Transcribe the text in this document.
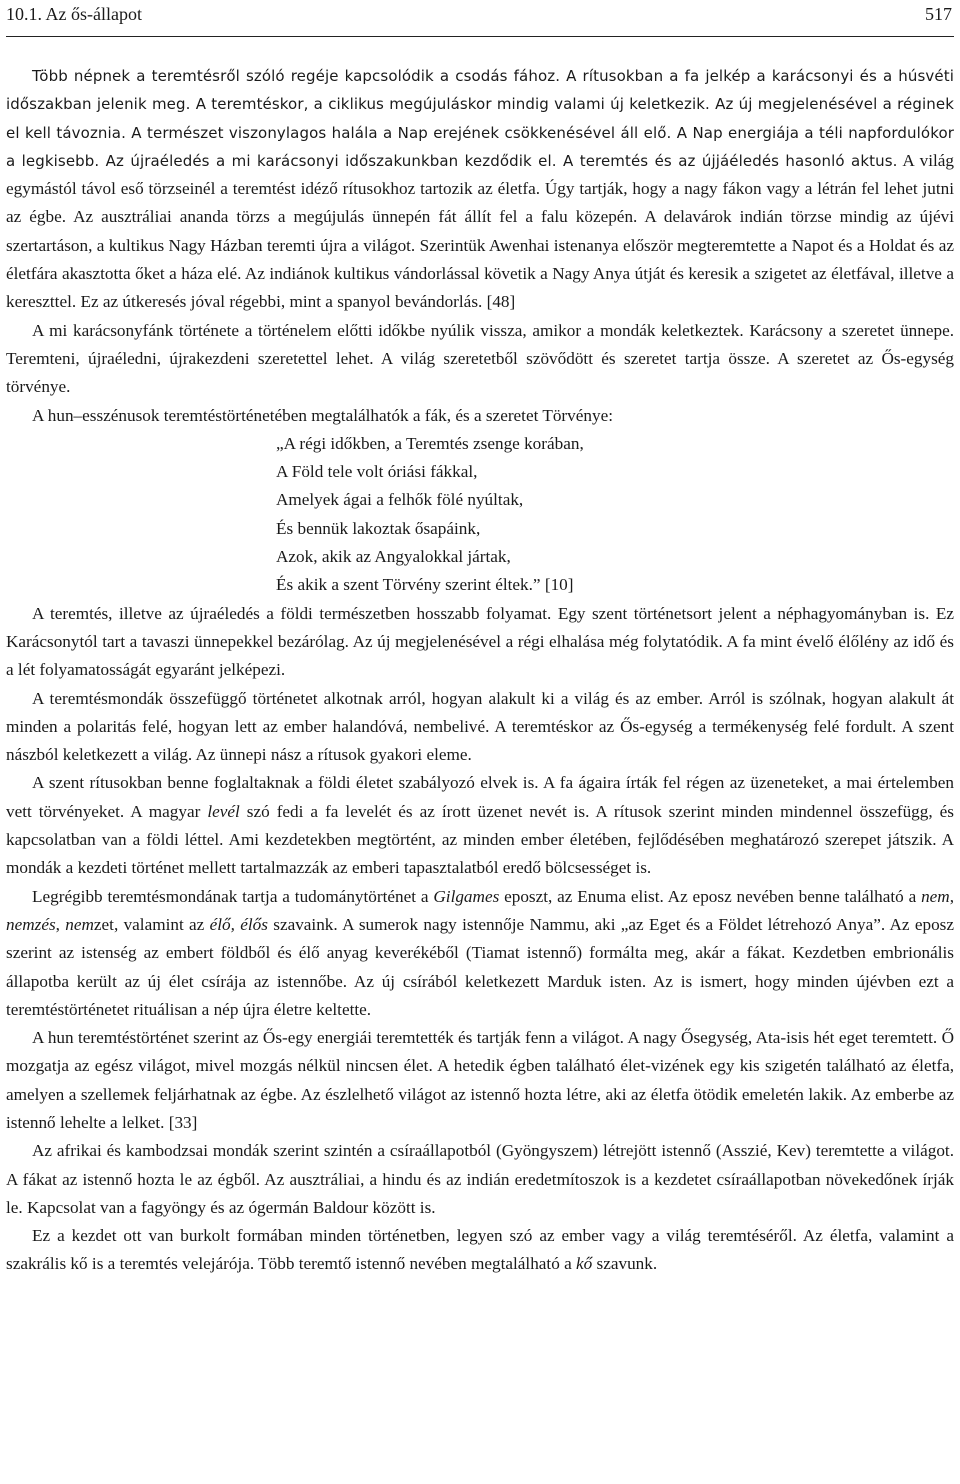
10.1. Az ős-állapot	517

Több népnek a teremtésről szóló regéje kapcsolódik a csodás fához. A rítusokban a fa jelkép a karácsonyi és a húsvéti időszakban jelenik meg. A teremtéskor, a ciklikus megújuláskor mindig valami új keletkezik. Az új megjelenésével a réginek el kell távoznia. A természet viszonylagos halála a Nap erejének csökkenésével áll elő. A Nap energiája a téli napfordulókor a legkisebb. Az újraéledés a mi karácsonyi időszakunkban kezdődik el. A teremtés és az újjáéledés hasonló aktus. A világ egymástól távol eső törzseinél a teremtést idéző rítusokhoz tartozik az életfa. Úgy tartják, hogy a nagy fákon vagy a létrán fel lehet jutni az égbe. Az ausztráliai ananda törzs a megújulás ünnepén fát állít fel a falu közepén. A delavárok indián törzse mindig az újévi szertartáson, a kultikus Nagy Házban teremti újra a világot. Szerintük Awenhai istenanya először megteremtette a Napot és a Holdat és az életfára akasztotta őket a háza elé. Az indiánok kultikus vándorlással követik a Nagy Anya útját és keresik a szigetet az életfával, illetve a kereszttel. Ez az útkeresés jóval régebbi, mint a spanyol bevándorlás. [48]

A mi karácsonyfánk története a történelem előtti időkbe nyúlik vissza, amikor a mondák keletkeztek. Karácsony a szeretet ünnepe. Teremteni, újraéledni, újrakezdeni szeretettel lehet. A világ szeretetből szövődött és szeretet tartja össze. A szeretet az Ős-egység törvénye.

A hun–esszénusok teremtéstörténetében megtalálhatók a fák, és a szeretet Törvénye:

„A régi időkben, a Teremtés zsenge korában,
A Föld tele volt óriási fákkal,
Amelyek ágai a felhők fölé nyúltak,
És bennük lakoztak ősapáink,
Azok, akik az Angyalokkal jártak,
És akik a szent Törvény szerint éltek.” [10]

A teremtés, illetve az újraéledés a földi természetben hosszabb folyamat. Egy szent történetsort jelent a néphagyományban is. Ez Karácsonytól tart a tavaszi ünnepekkel bezárólag. Az új megjelenésével a régi elhalása még folytatódik. A fa mint évelő élőlény az idő és a lét folyamatosságát egyaránt jelképezi.

A teremtésmondák összefüggő történetet alkotnak arról, hogyan alakult ki a világ és az ember. Arról is szólnak, hogyan alakult át minden a polaritás felé, hogyan lett az ember halandóvá, nembelivé. A teremtéskor az Ős-egység a termékenység felé fordult. A szent nászból keletkezett a világ. Az ünnepi nász a rítusok gyakori eleme.

A szent rítusokban benne foglaltaknak a földi életet szabályozó elvek is. A fa ágaira írták fel régen az üzeneteket, a mai értelemben vett törvényeket. A magyar levél szó fedi a fa levelét és az írott üzenet nevét is. A rítusok szerint minden mindennel összefügg, és kapcsolatban van a földi léttel. Ami kezdetekben megtörtént, az minden ember életében, fejlődésében meghatározó szerepet játszik. A mondák a kezdeti történet mellett tartalmazzák az emberi tapasztalatból eredő bölcsességet is.

Legrégibb teremtésmondának tartja a tudománytörténet a Gilgames eposzt, az Enuma elist. Az eposz nevében benne található a nem, nemzés, nemzet, valamint az élő, élős szavaink. A sumerok nagy istennője Nammu, aki „az Eget és a Földet létrehozó Anya”. Az eposz szerint az istenség az embert földből és élő anyag keverékéből (Tiamat istennő) formálta meg, akár a fákat. Kezdetben embrionális állapotba került az új élet csírája az istennőbe. Az új csírából keletkezett Marduk isten. Az is ismert, hogy minden újévben ezt a teremtéstörténetet rituálisan a nép újra életre keltette.

A hun teremtéstörténet szerint az Ős-egy energiái teremtették és tartják fenn a világot. A nagy Ősegység, Ata-isis hét eget teremtett. Ő mozgatja az egész világot, mivel mozgás nélkül nincsen élet. A hetedik égben található élet-vizének egy kis szigetén található az életfa, amelyen a szellemek feljárhatnak az égbe. Az észlelhető világot az istennő hozta létre, aki az életfa ötödik emeletén lakik. Az emberbe az istennő lehelte a lelket. [33]

Az afrikai és kambodzsai mondák szerint szintén a csíraállapotból (Gyöngyszem) létrejött istennő (Asszié, Kev) teremtette a világot. A fákat az istennő hozta le az égből. Az ausztráliai, a hindu és az indián eredetmítoszok is a kezdetet csíraállapotban növekedőnek írják le. Kapcsolat van a fagyöngy és az ógermán Baldour között is.

Ez a kezdet ott van burkolt formában minden történetben, legyen szó az ember vagy a világ teremtéséről. Az életfa, valamint a szakrális kő is a teremtés velejárója. Több teremtő istennő nevében megtalálható a kő szavunk.
